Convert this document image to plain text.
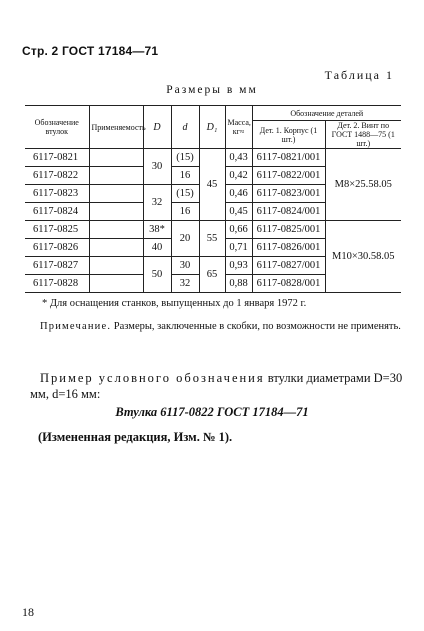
Стр. 2 ГОСТ 17184—71
Таблица 1
Размеры в мм
Обозначение втулок	Применяемость	D	d	D₁	Масса, кг≈	Обозначение деталей	
						Дет. 1. Корпус (1 шт.)	Дет. 2. Винт по ГОСТ 1488—75 (1 шт.)
6117-0821		30	(15)	45	0,43	6117-0821/001	M8×25.58.05
6117-0822			16		0,42	6117-0822/001	
6117-0823		32	(15)		0,46	6117-0823/001	
6117-0824			16		0,45	6117-0824/001	
6117-0825		38*	20	55	0,66	6117-0825/001	M10×30.58.05
6117-0826		40			0,71	6117-0826/001	
6117-0827		50	30	65	0,93	6117-0827/001	
6117-0828			32		0,88	6117-0828/001	
* Для оснащения станков, выпущенных до 1 января 1972 г.
Примечание. Размеры, заключенные в скобки, по возможности не применять.
Пример условного обозначения втулки диаметрами D=30 мм, d=16 мм:
Втулка 6117-0822 ГОСТ 17184—71
(Измененная редакция, Изм. № 1).
18
